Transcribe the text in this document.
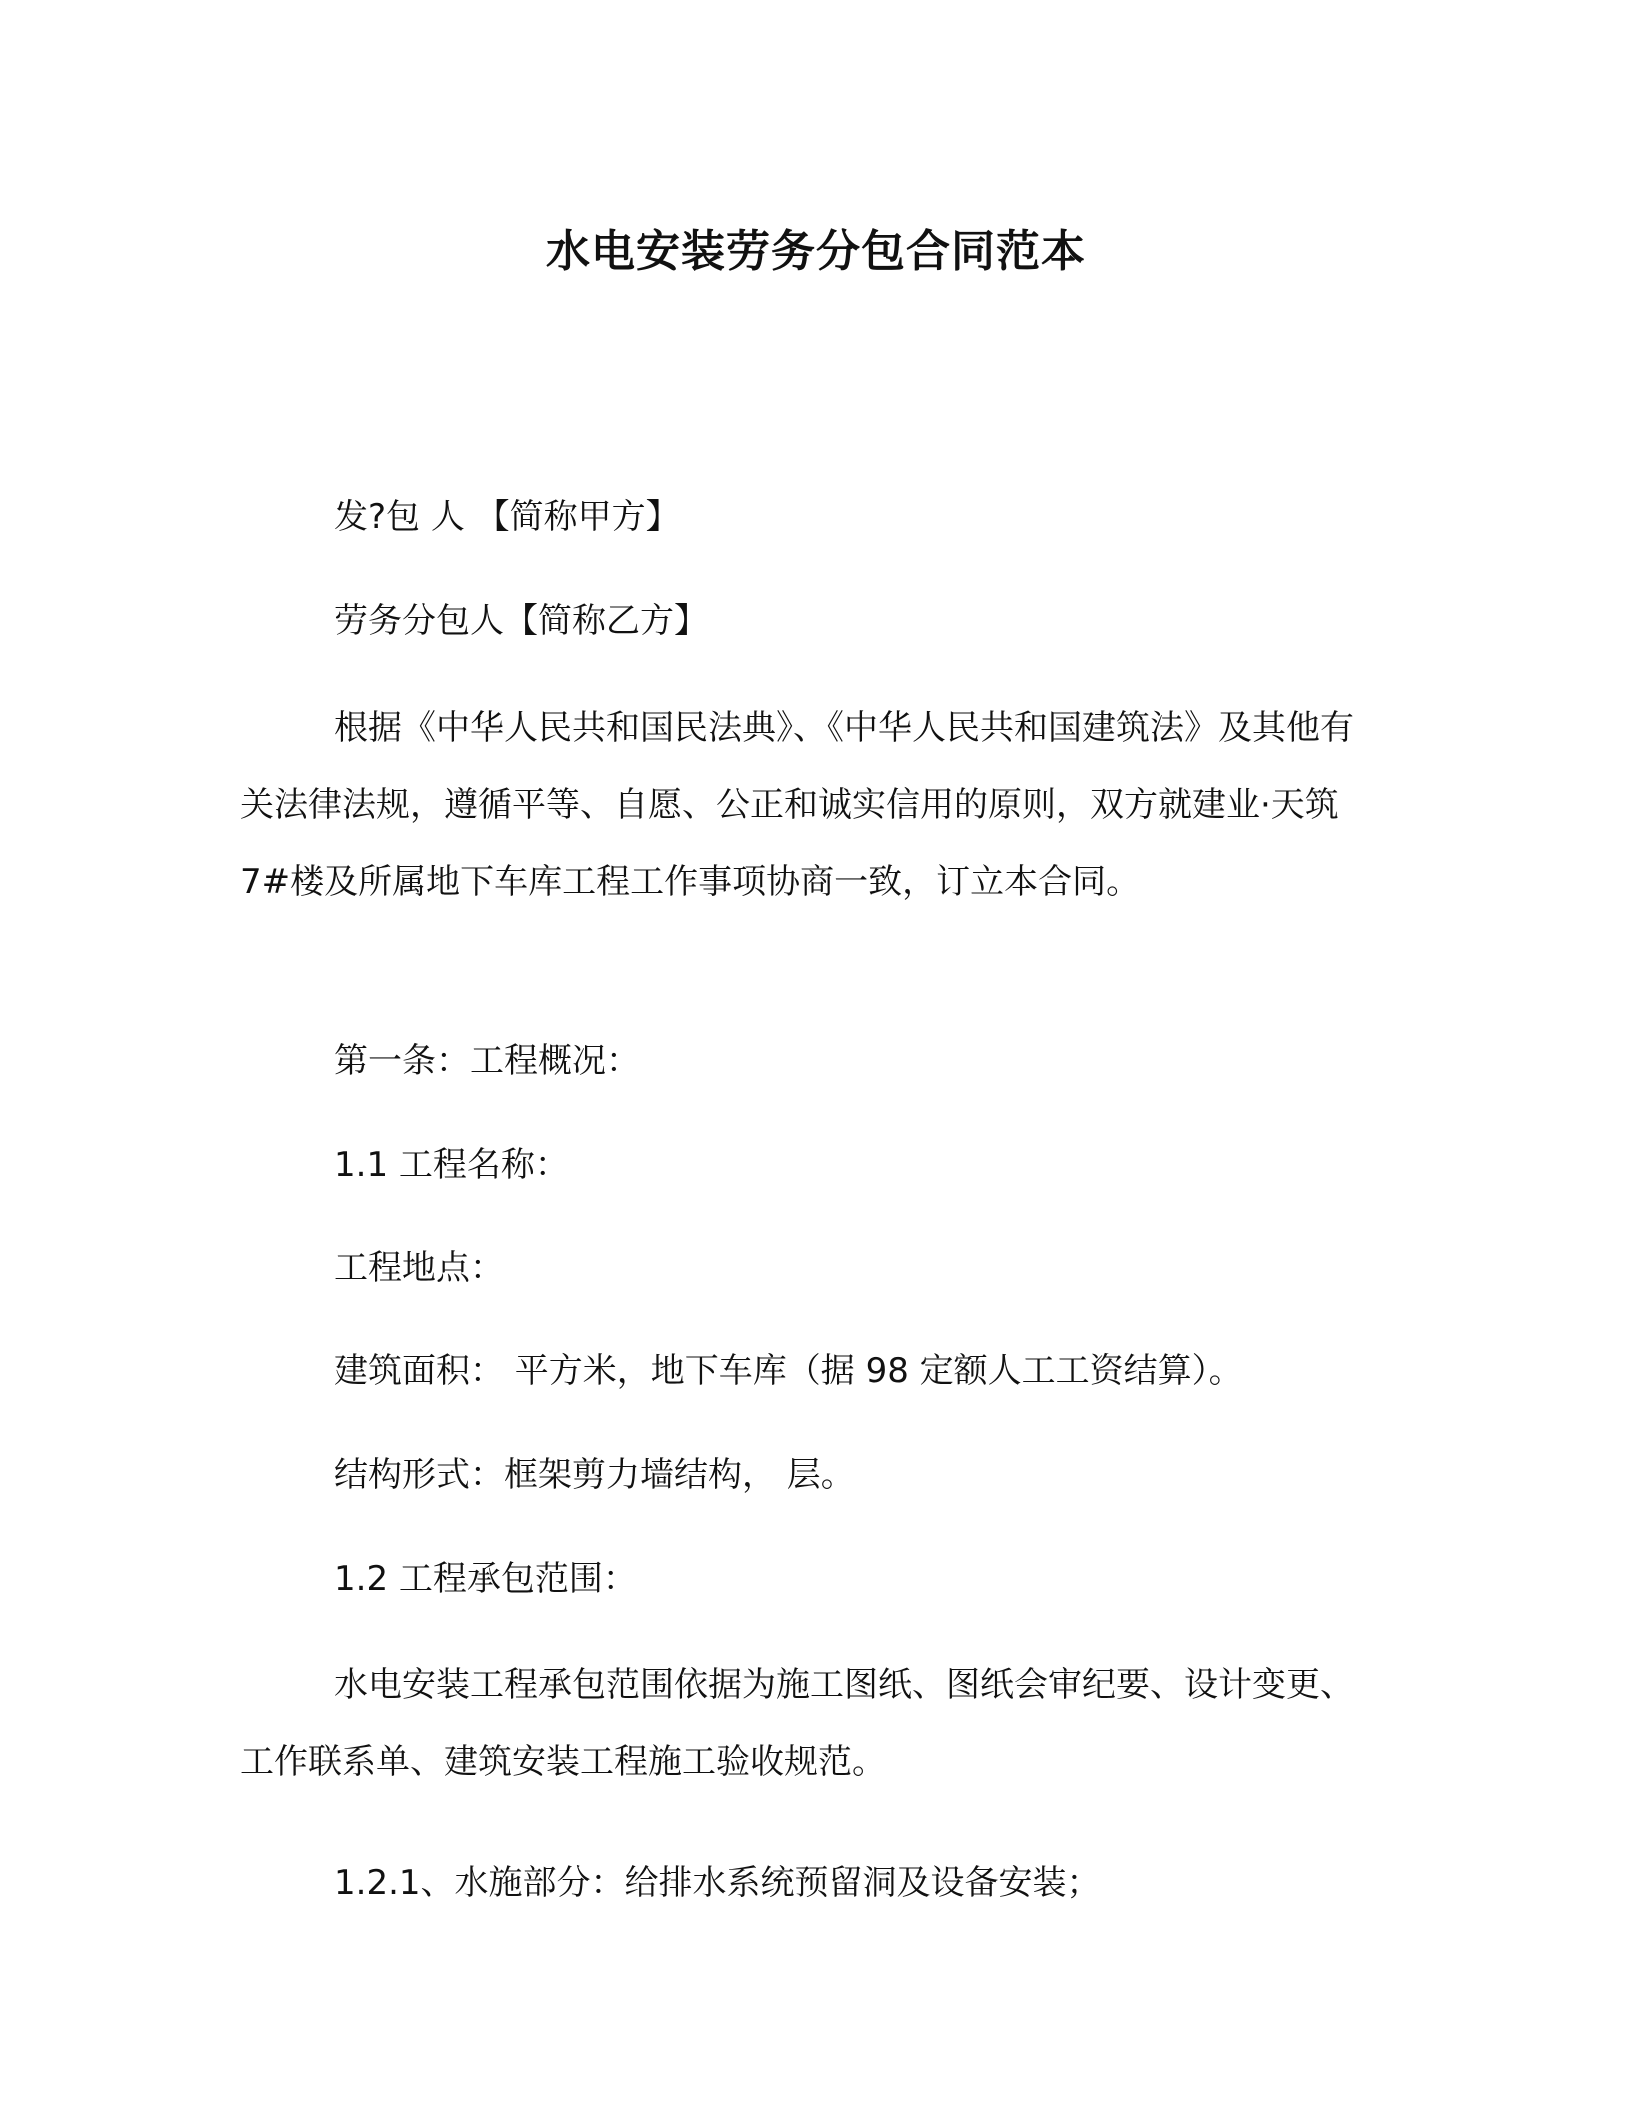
水电安装劳务分包合同范本
发?包 人 【简称甲方】
劳务分包人【简称乙方】
根据《中华人民共和国民法典》、《中华人民共和国建筑法》及其他有关法律法规，遵循平等、自愿、公正和诚实信用的原则，双方就建业·天筑 7#楼及所属地下车库工程工作事项协商一致，订立本合同。
第一条：工程概况：
1.1 工程名称：
工程地点：
建筑面积： 平方米，地下车库（据 98 定额人工工资结算）。
结构形式：框架剪力墙结构， 层。
1.2 工程承包范围：
水电安装工程承包范围依据为施工图纸、图纸会审纪要、设计变更、工作联系单、建筑安装工程施工验收规范。
1.2.1、水施部分：给排水系统预留洞及设备安装；
